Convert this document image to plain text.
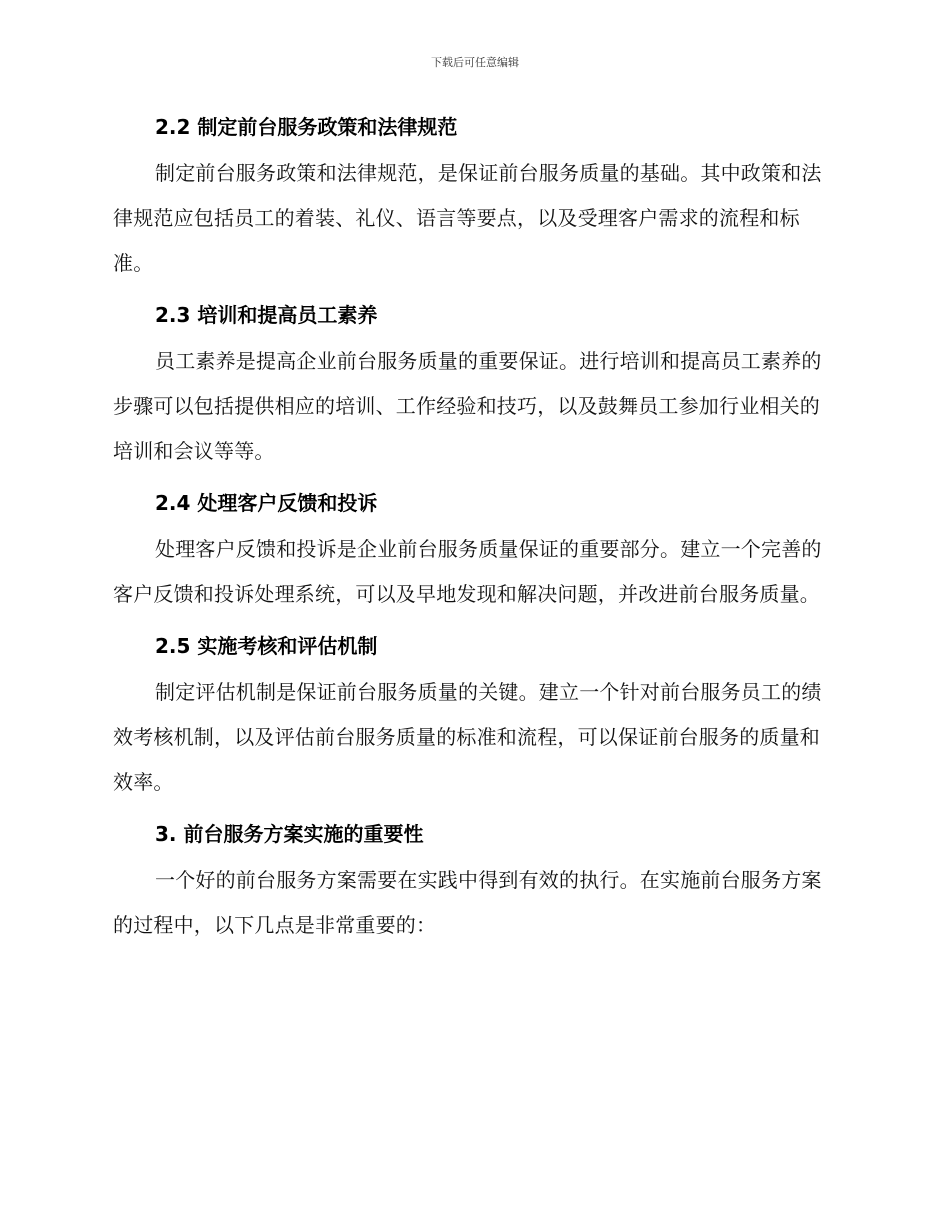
下载后可任意编辑
2.2 制定前台服务政策和法律规范

制定前台服务政策和法律规范，是保证前台服务质量的基础。其中政策和法律规范应包括员工的着装、礼仪、语言等要点，以及受理客户需求的流程和标准。

2.3 培训和提高员工素养

员工素养是提高企业前台服务质量的重要保证。进行培训和提高员工素养的步骤可以包括提供相应的培训、工作经验和技巧，以及鼓舞员工参加行业相关的培训和会议等等。

2.4 处理客户反馈和投诉

处理客户反馈和投诉是企业前台服务质量保证的重要部分。建立一个完善的客户反馈和投诉处理系统，可以及早地发现和解决问题，并改进前台服务质量。

2.5 实施考核和评估机制

制定评估机制是保证前台服务质量的关键。建立一个针对前台服务员工的绩效考核机制，以及评估前台服务质量的标准和流程，可以保证前台服务的质量和效率。

3. 前台服务方案实施的重要性

一个好的前台服务方案需要在实践中得到有效的执行。在实施前台服务方案的过程中，以下几点是非常重要的：
